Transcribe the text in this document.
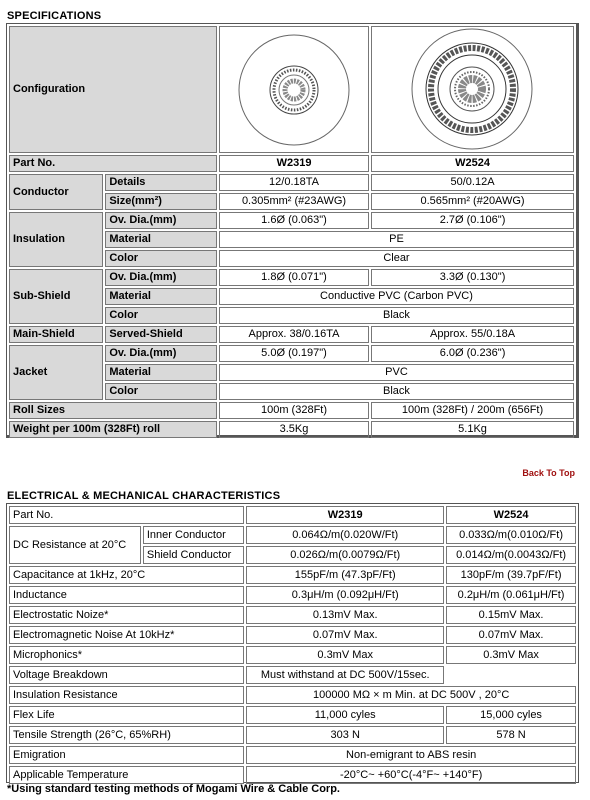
SPECIFICATIONS
Configuration	

Part No.		W2319	W2524
Conductor	Details	12/0.18TA	50/0.12A
	Size(mm²)	0.305mm² (#23AWG)	0.565mm² (#20AWG)
Insulation	Ov. Dia.(mm)	1.6Ø (0.063")	2.7Ø (0.106")
	Material	PE	
	Color	Clear	
Sub-Shield	Ov. Dia.(mm)	1.8Ø (0.071")	3.3Ø (0.130")
	Material	Conductive PVC (Carbon PVC)	
	Color	Black	
Main-Shield	Served-Shield	Approx. 38/0.16TA	Approx. 55/0.18A
Jacket	Ov. Dia.(mm)	5.0Ø (0.197")	6.0Ø (0.236")
	Material	PVC	
	Color	Black	
Roll Sizes		100m (328Ft)	100m (328Ft) / 200m (656Ft)
Weight per 100m (328Ft) roll		3.5Kg	5.1Kg
Back To Top
ELECTRICAL & MECHANICAL CHARACTERISTICS
Part No.		W2319	W2524
DC Resistance at 20°C	Inner Conductor	0.064Ω/m(0.020W/Ft)	0.033Ω/m(0.010Ω/Ft)
	Shield Conductor	0.026Ω/m(0.0079Ω/Ft)	0.014Ω/m(0.0043Ω/Ft)
Capacitance at 1kHz, 20°C		155pF/m (47.3pF/Ft)	130pF/m (39.7pF/Ft)
Inductance		0.3μH/m (0.092μH/Ft)	0.2μH/m (0.061μH/Ft)
Electrostatic Noize*		0.13mV Max.	0.15mV Max.
Electromagnetic Noise At 10kHz*		0.07mV Max.	0.07mV Max.
Microphonics*		0.3mV Max	0.3mV Max
Voltage Breakdown		Must withstand at DC 500V/15sec.	
Insulation Resistance		100000 MΩ × m Min. at DC 500V , 20°C	
Flex Life		11,000 cyles	15,000 cyles
Tensile Strength (26°C, 65%RH)		303 N	578 N
Emigration		Non-emigrant to ABS resin	
Applicable Temperature		-20°C~ +60°C(-4°F~ +140°F)	
*Using standard testing methods of Mogami Wire & Cable Corp.
